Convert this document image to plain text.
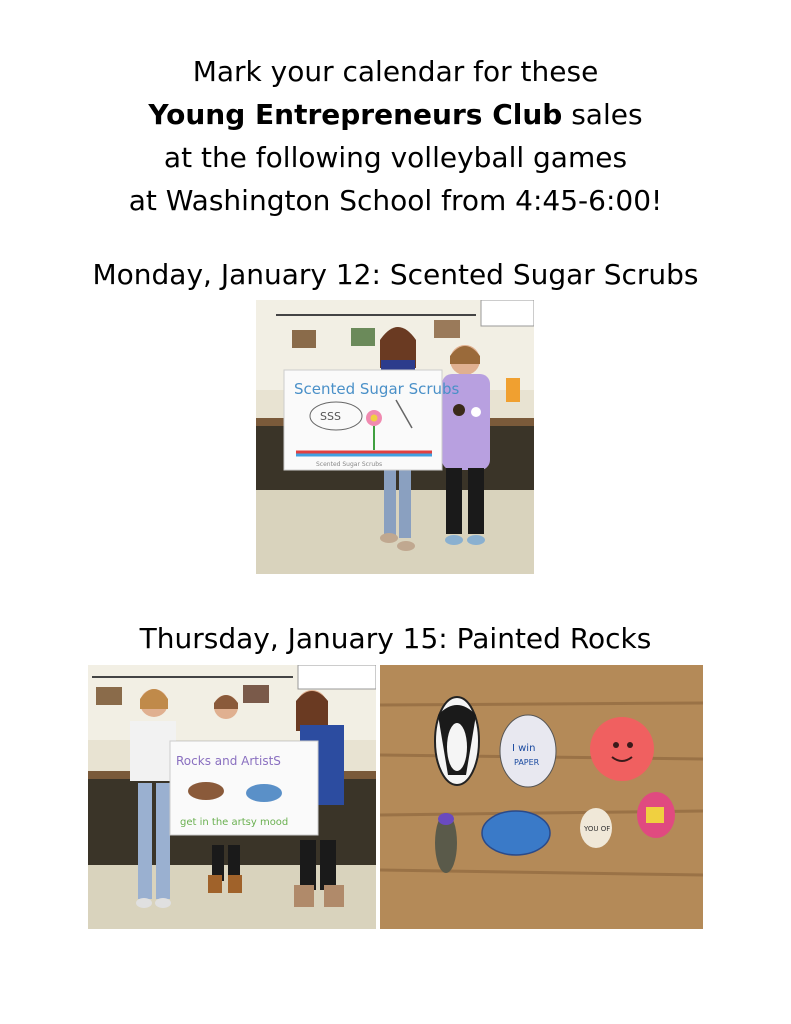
Mark your calendar for these
Young Entrepreneurs Club sales
at the following volleyball games
at Washington School from 4:45-6:00!
Monday, January 12: Scented Sugar Scrubs
Scented Sugar Scrubs
SSS
Scented Sugar Scrubs
Thursday, January 15: Painted Rocks
Rocks and ArtistS
get in the artsy mood
I win
PAPER
YOU OF
